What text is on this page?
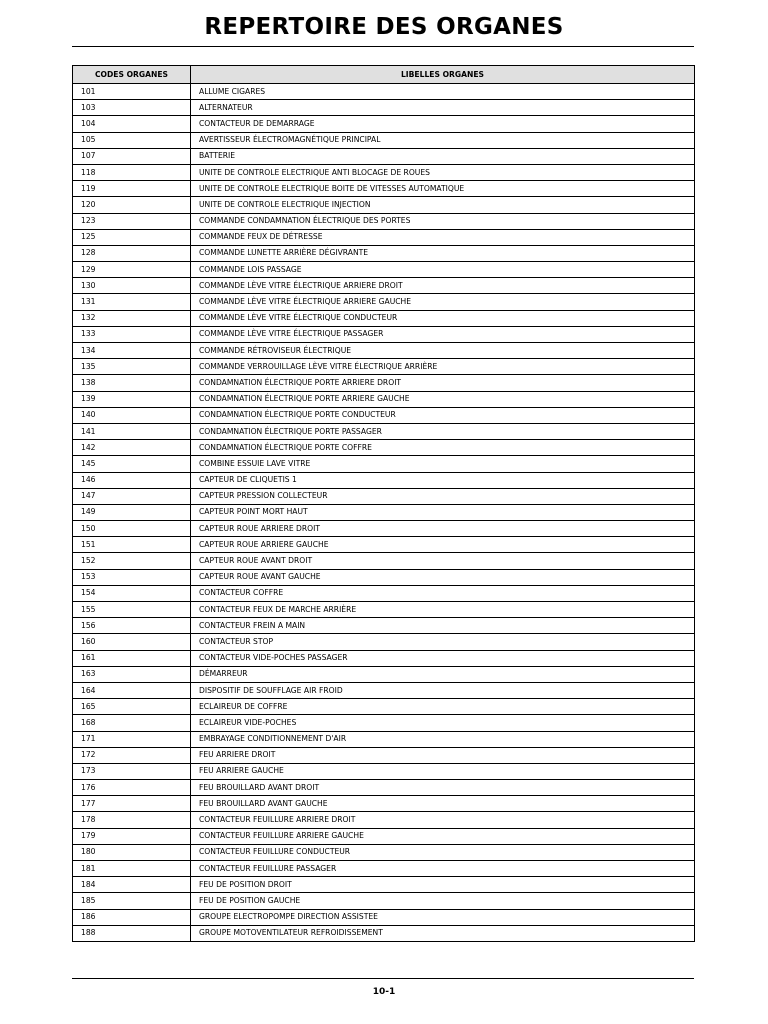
REPERTOIRE DES ORGANES
CODES ORGANES	LIBELLES ORGANES
101	ALLUME CIGARES
103	ALTERNATEUR
104	CONTACTEUR DE DEMARRAGE
105	AVERTISSEUR ÉLECTROMAGNÉTIQUE PRINCIPAL
107	BATTERIE
118	UNITE DE CONTROLE ELECTRIQUE ANTI BLOCAGE DE ROUES
119	UNITE DE CONTROLE ELECTRIQUE BOITE DE VITESSES AUTOMATIQUE
120	UNITE DE CONTROLE ELECTRIQUE INJECTION
123	COMMANDE CONDAMNATION ÉLECTRIQUE DES PORTES
125	COMMANDE FEUX DE DÉTRESSE
128	COMMANDE LUNETTE ARRIÈRE DÉGIVRANTE
129	COMMANDE LOIS PASSAGE
130	COMMANDE LÈVE VITRE ÉLECTRIQUE ARRIERE DROIT
131	COMMANDE LÈVE VITRE ÉLECTRIQUE ARRIERE GAUCHE
132	COMMANDE LÈVE VITRE ÉLECTRIQUE CONDUCTEUR
133	COMMANDE LÈVE VITRE ÉLECTRIQUE PASSAGER
134	COMMANDE RÉTROVISEUR ÉLECTRIQUE
135	COMMANDE VERROUILLAGE LÈVE VITRE ÉLECTRIQUE ARRIÈRE
138	CONDAMNATION ÉLECTRIQUE PORTE ARRIERE DROIT
139	CONDAMNATION ÉLECTRIQUE PORTE ARRIERE GAUCHE
140	CONDAMNATION ÉLECTRIQUE PORTE CONDUCTEUR
141	CONDAMNATION ÉLECTRIQUE PORTE PASSAGER
142	CONDAMNATION ÉLECTRIQUE PORTE COFFRE
145	COMBINE ESSUIE LAVE VITRE
146	CAPTEUR DE CLIQUETIS 1
147	CAPTEUR PRESSION COLLECTEUR
149	CAPTEUR POINT MORT HAUT
150	CAPTEUR ROUE ARRIERE DROIT
151	CAPTEUR ROUE ARRIERE GAUCHE
152	CAPTEUR ROUE AVANT DROIT
153	CAPTEUR ROUE AVANT GAUCHE
154	CONTACTEUR COFFRE
155	CONTACTEUR FEUX DE MARCHE ARRIÈRE
156	CONTACTEUR FREIN A MAIN
160	CONTACTEUR STOP
161	CONTACTEUR VIDE-POCHES PASSAGER
163	DÉMARREUR
164	DISPOSITIF DE SOUFFLAGE AIR FROID
165	ECLAIREUR DE COFFRE
168	ECLAIREUR VIDE-POCHES
171	EMBRAYAGE CONDITIONNEMENT D'AIR
172	FEU ARRIERE DROIT
173	FEU ARRIERE GAUCHE
176	FEU BROUILLARD AVANT DROIT
177	FEU BROUILLARD AVANT GAUCHE
178	CONTACTEUR FEUILLURE ARRIERE DROIT
179	CONTACTEUR FEUILLURE ARRIERE GAUCHE
180	CONTACTEUR FEUILLURE CONDUCTEUR
181	CONTACTEUR FEUILLURE PASSAGER
184	FEU DE POSITION DROIT
185	FEU DE POSITION GAUCHE
186	GROUPE ELECTROPOMPE DIRECTION ASSISTEE
188	GROUPE MOTOVENTILATEUR REFROIDISSEMENT
10-1
